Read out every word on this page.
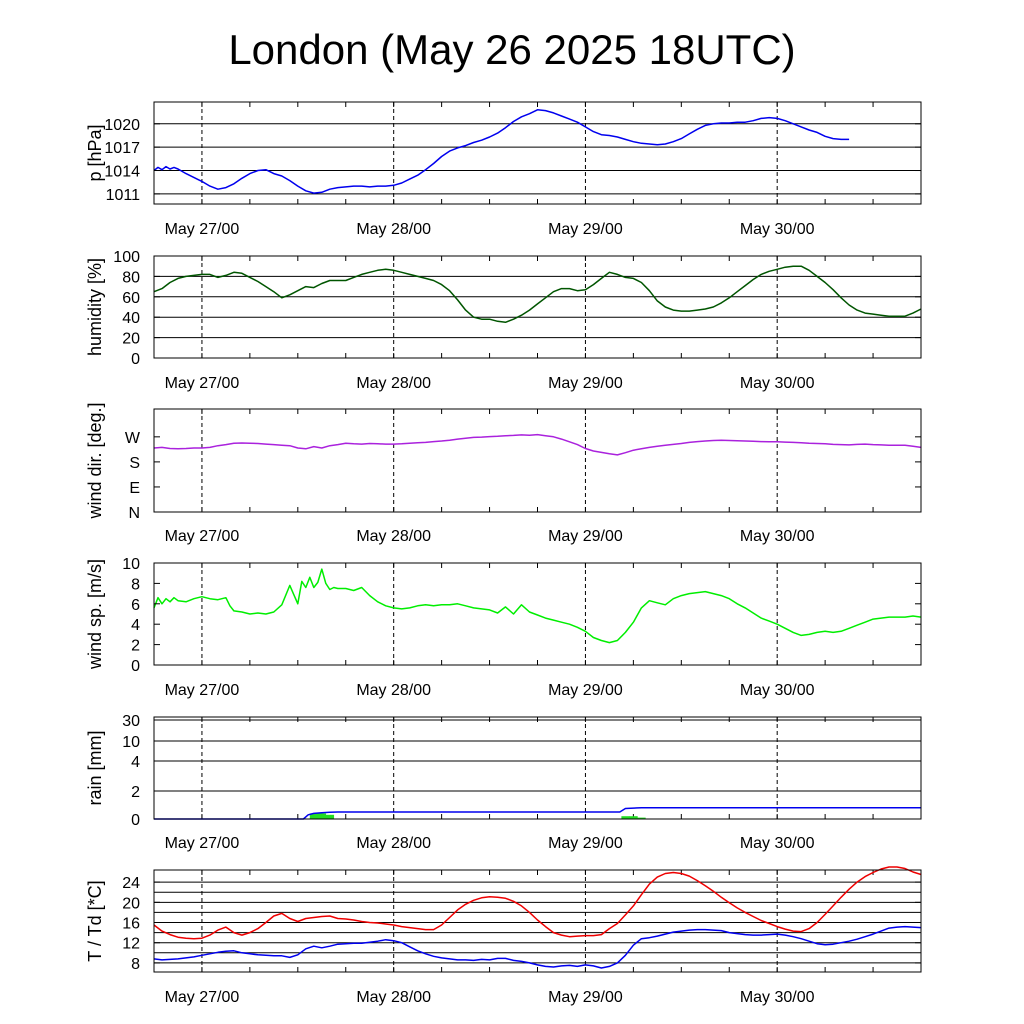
London (May 26 2025 18UTC)
1011
1014
1017
1020
May 27/00	May 28/00	May 29/00	May 30/00
p [hPa]
0
20
40
60
80
100
May 27/00	May 28/00	May 29/00	May 30/00
humidity [%]
N
E
S
W
May 27/00	May 28/00	May 29/00	May 30/00
wind dir. [deg.]
0
2
4
6
8
10
May 27/00	May 28/00	May 29/00	May 30/00
wind sp. [m/s]
0
2
4
10
30
May 27/00	May 28/00	May 29/00	May 30/00
rain [mm]
8
12
16
20
24
May 27/00	May 28/00	May 29/00	May 30/00
T / Td [*C]
